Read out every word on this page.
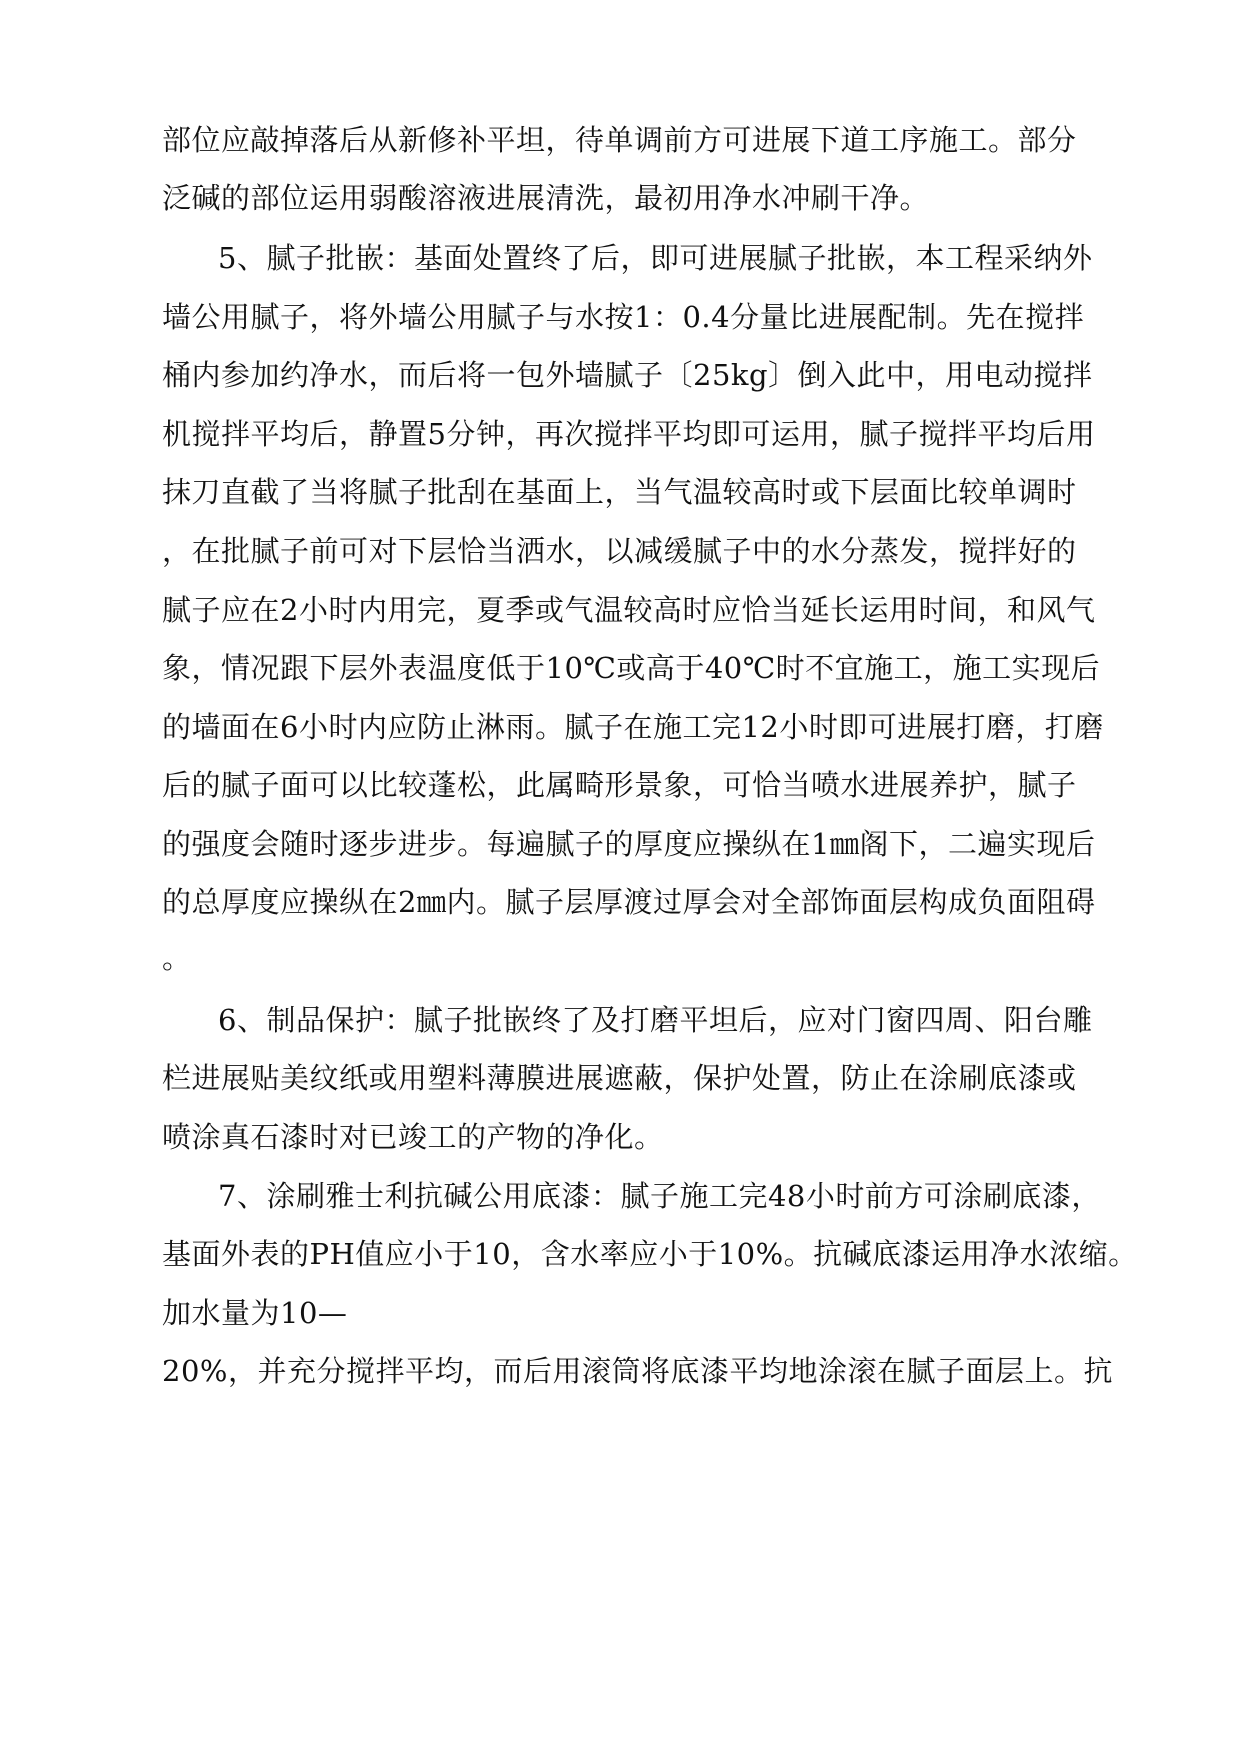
部位应敲掉落后从新修补平坦，待单调前方可进展下道工序施工。部分
泛碱的部位运用弱酸溶液进展清洗，最初用净水冲刷干净。
5、腻子批嵌：基面处置终了后，即可进展腻子批嵌，本工程采纳外
墙公用腻子，将外墙公用腻子与水按1：0.4分量比进展配制。先在搅拌
桶内参加约净水，而后将一包外墙腻子〔25kg〕倒入此中，用电动搅拌
机搅拌平均后，静置5分钟，再次搅拌平均即可运用，腻子搅拌平均后用
抹刀直截了当将腻子批刮在基面上，当气温较高时或下层面比较单调时
，在批腻子前可对下层恰当洒水，以减缓腻子中的水分蒸发，搅拌好的
腻子应在2小时内用完，夏季或气温较高时应恰当延长运用时间，和风气
象，情况跟下层外表温度低于10℃或高于40℃时不宜施工，施工实现后
的墙面在6小时内应防止淋雨。腻子在施工完12小时即可进展打磨，打磨
后的腻子面可以比较蓬松，此属畸形景象，可恰当喷水进展养护，腻子
的强度会随时逐步进步。每遍腻子的厚度应操纵在1㎜阁下，二遍实现后
的总厚度应操纵在2㎜内。腻子层厚渡过厚会对全部饰面层构成负面阻碍
。
6、制品保护：腻子批嵌终了及打磨平坦后，应对门窗四周、阳台雕
栏进展贴美纹纸或用塑料薄膜进展遮蔽，保护处置，防止在涂刷底漆或
喷涂真石漆时对已竣工的产物的净化。
7、涂刷雅士利抗碱公用底漆：腻子施工完48小时前方可涂刷底漆，
基面外表的PH值应小于10，含水率应小于10%。抗碱底漆运用净水浓缩。
加水量为10—
20%，并充分搅拌平均，而后用滚筒将底漆平均地涂滚在腻子面层上。抗
